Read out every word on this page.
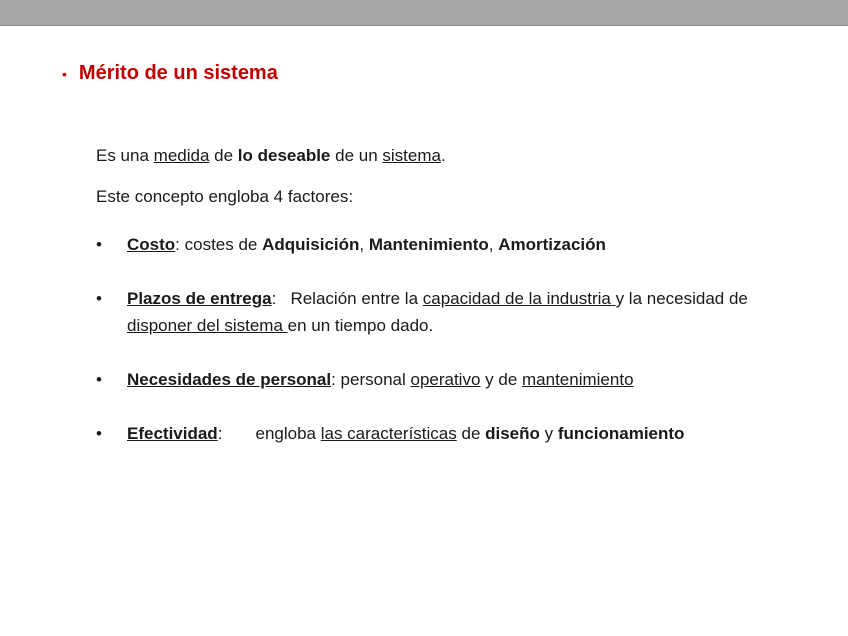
• Mérito de un sistema
Es una medida de lo deseable de un sistema.
Este concepto engloba 4 factores:
• Costo: costes de Adquisición, Mantenimiento, Amortización
• Plazos de entrega:   Relación entre la capacidad de la industria y la necesidad de
disponer del sistema en un tiempo dado.
• Necesidades de personal: personal operativo y de mantenimiento
• Efectividad:       engloba las características de diseño y funcionamiento
